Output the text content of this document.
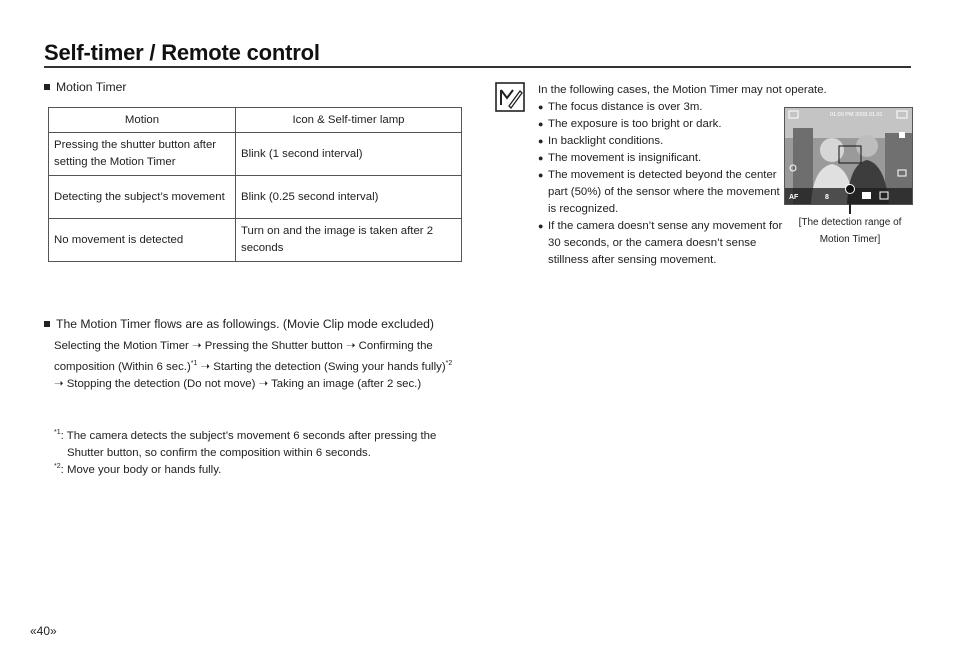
Self-timer / Remote control
Motion Timer
Motion	Icon & Self-timer lamp
Pressing the shutter button after setting the Motion Timer	Blink (1 second interval)
Detecting the subject’s movement	Blink (0.25 second interval)
No movement is detected	Turn on and the image is taken after 2 seconds
The Motion Timer flows are as followings. (Movie Clip mode excluded)
Selecting the Motion Timer ➝ Pressing the Shutter button ➝ Confirming the composition (Within 6 sec.)$^{*1}$ ➝ Starting the detection (Swing your hands fully)$^{*2}$ ➝ Stopping the detection (Do not move) ➝ Taking an image (after 2 sec.)
$^{*1}$: The camera detects the subject’s movement 6 seconds after pressing the
Shutter button, so confirm the composition within 6 seconds.
$^{*2}$: Move your body or hands fully.
In the following cases, the Motion Timer may not operate.
● The focus distance is over 3m.
● The exposure is too bright or dark.
● In backlight conditions.
● The movement is insignificant.
● The movement is detected beyond the center part (50%) of the sensor where the movement is recognized.
● If the camera doesn’t sense any movement for 30 seconds, or the camera doesn’t sense stillness after sensing movement.
01:00 PM 2008.01.01
8
AF
[The detection range of
Motion Timer]
«40»
